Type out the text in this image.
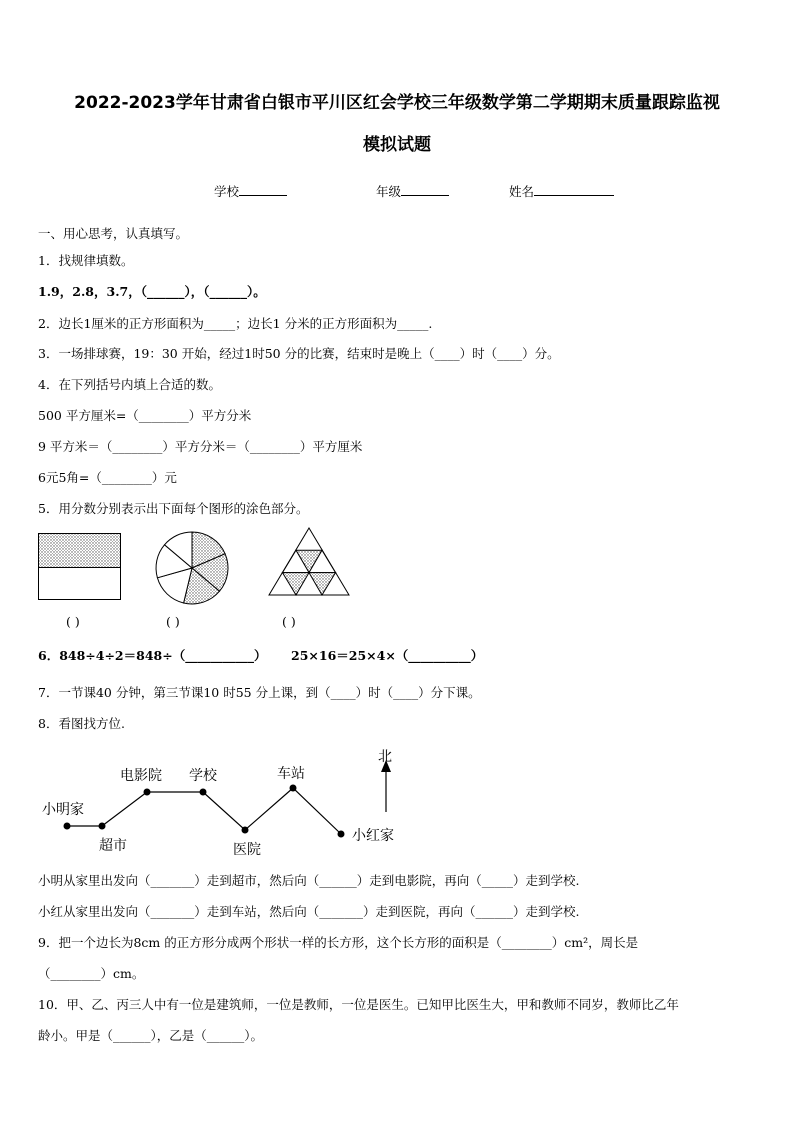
2022-2023学年甘肃省白银市平川区红会学校三年级数学第二学期期末质量跟踪监视
模拟试题
学校	年级	姓名
一、用心思考，认真填写。
1．找规律填数。
1.9，2.8，3.7，（______），（______）。
2．边长1厘米的正方形面积为_____；边长1 分米的正方形面积为_____.
3．一场排球赛，19：30 开始，经过1时50 分的比赛，结束时是晚上（____）时（____）分。
4．在下列括号内填上合适的数。
500 平方厘米=（________）平方分米
9 平方米＝（________）平方分米＝（________）平方厘米
6元5角=（________）元
5．用分数分别表示出下面每个图形的涂色部分。
( )	( )	( )
6．848÷4÷2＝848÷（___________） 25×16＝25×4×（__________）
7．一节课40 分钟，第三节课10 时55 分上课，到（____）时（____）分下课。
8．看图找方位.
北
小明家
超市
电影院 学校
医院
车站
小红家
小明从家里出发向（_______）走到超市，然后向（______）走到电影院，再向（_____）走到学校.
小红从家里出发向（_______）走到车站，然后向（_______）走到医院，再向（______）走到学校.
9．把一个边长为8cm 的正方形分成两个形状一样的长方形，这个长方形的面积是（________）cm²，周长是
（________）cm。
10．甲、乙、丙三人中有一位是建筑师，一位是教师，一位是医生。已知甲比医生大，甲和教师不同岁，教师比乙年
龄小。甲是（______），乙是（______）。
